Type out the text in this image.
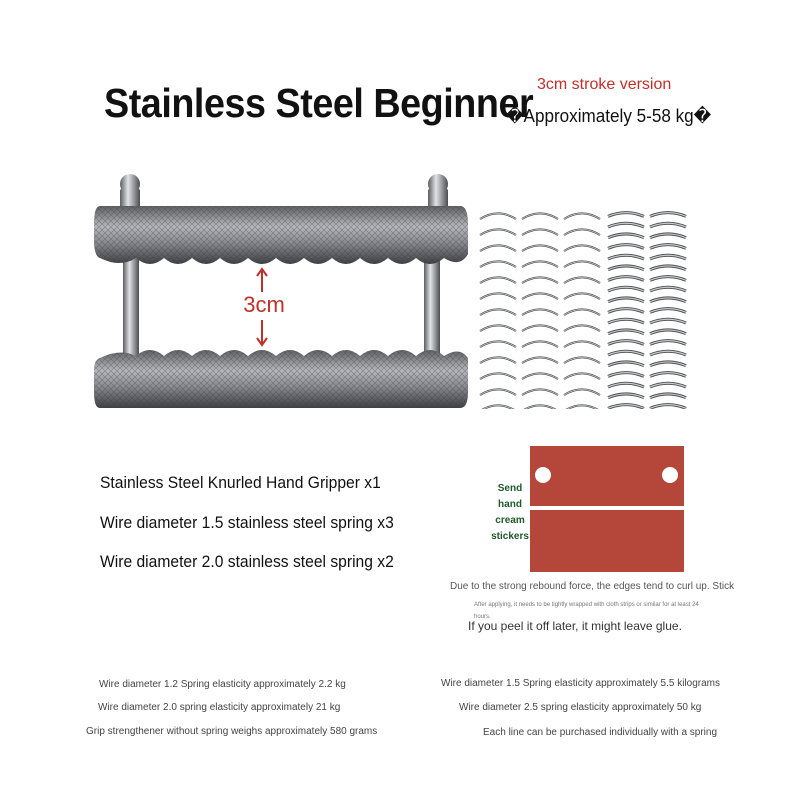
Stainless Steel Beginner 3cm stroke version
�Approximately 5-58 kg�
3cm
Send hand cream stickers
Stainless Steel Knurled Hand Gripper x1
Wire diameter 1.5 stainless steel spring x3
Wire diameter 2.0 stainless steel spring x2
Due to the strong rebound force, the edges tend to curl up. Stick
After applying, it needs to be tightly wrapped with cloth strips or similar for at least 24 hours.
If you peel it off later, it might leave glue.
Wire diameter 1.2 Spring elasticity approximately 2.2 kg
Wire diameter 2.0 spring elasticity approximately 21 kg
Grip strengthener without spring weighs approximately 580 grams
Wire diameter 1.5 Spring elasticity approximately 5.5 kilograms
Wire diameter 2.5 spring elasticity approximately 50 kg
Each line can be purchased individually with a spring
